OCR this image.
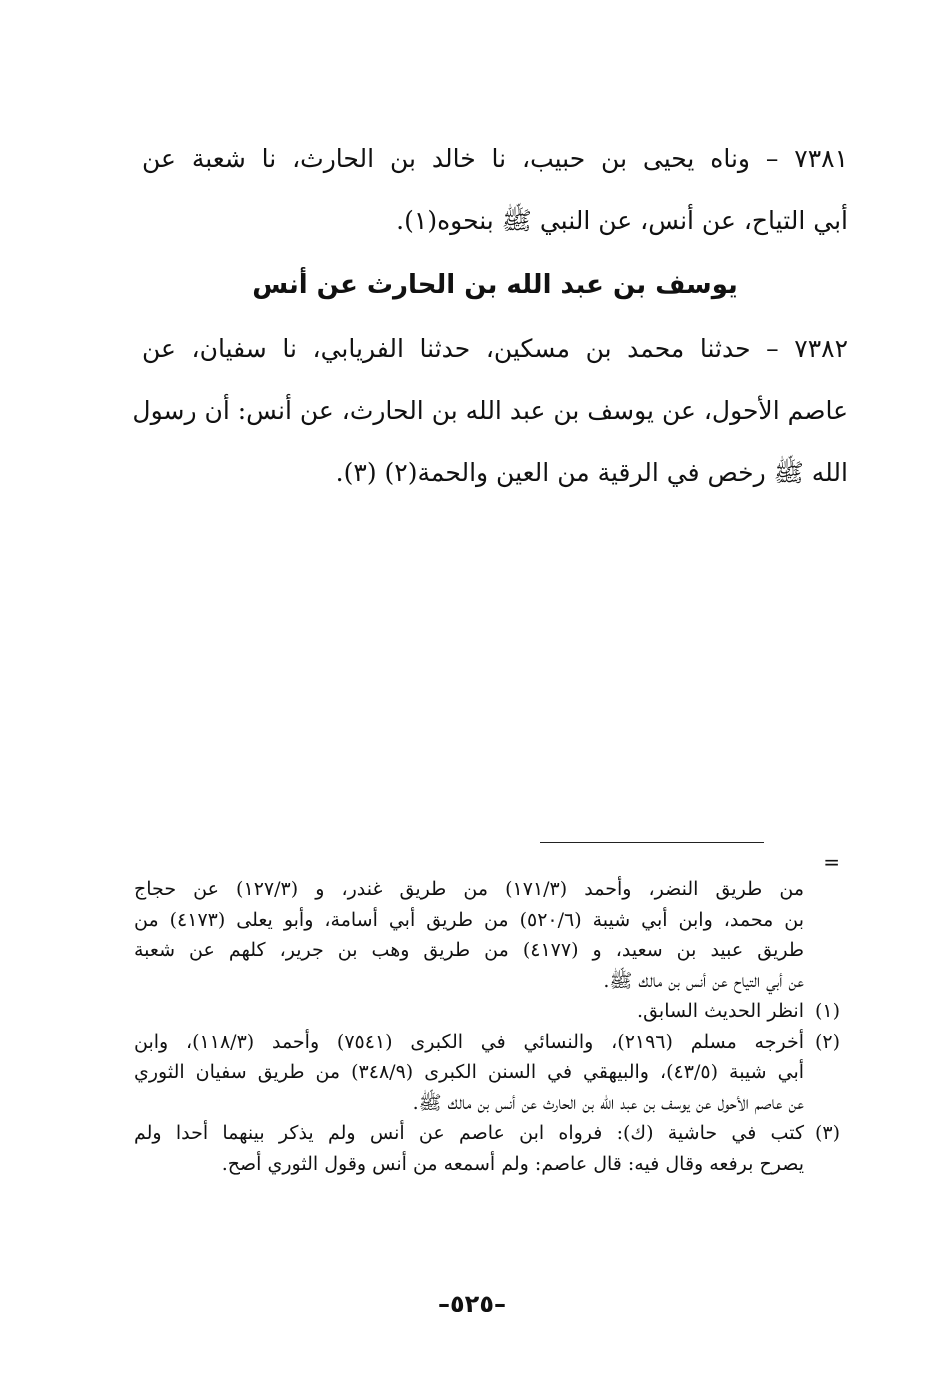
٧٣٨١ – وناه يحيى بن حبيب، نا خالد بن الحارث، نا شعبة عن
أبي التياح، عن أنس، عن النبي ﷺ بنحوه(١).
يوسف بن عبد الله بن الحارث عن أنس
٧٣٨٢ – حدثنا محمد بن مسكين، حدثنا الفريابي، نا سفيان، عن
عاصم الأحول، عن يوسف بن عبد الله بن الحارث، عن أنس: أن رسول
الله ﷺ رخص في الرقية من العين والحمة(٢) (٣).
=
من طريق النضر، وأحمد (١٧١/٣) من طريق غندر، و (١٢٧/٣) عن حجاج
بن محمد، وابن أبي شيبة (٥٢٠/٦) من طريق أبي أسامة، وأبو يعلى (٤١٧٣) من
طريق عبيد بن سعيد، و (٤١٧٧) من طريق وهب بن جرير، كلهم عن شعبة
عن أبي التياح عن أنس بن مالك ﷺ.
(١)انظر الحديث السابق.
(٢)أخرجه مسلم (٢١٩٦)، والنسائي في الكبرى (٧٥٤١) وأحمد (١١٨/٣)، وابن
أبي شيبة (٤٣/٥)، والبيهقي في السنن الكبرى (٣٤٨/٩) من طريق سفيان الثوري
عن عاصم الأحول عن يوسف بن عبد الله بن الحارث عن أنس بن مالك ﷺ.
(٣)كتب في حاشية (ك): فرواه ابن عاصم عن أنس ولم يذكر بينهما أحدا ولم
يصرح برفعه وقال فيه: قال عاصم: ولم أسمعه من أنس وقول الثوري أصح.
–٥٢٥–
